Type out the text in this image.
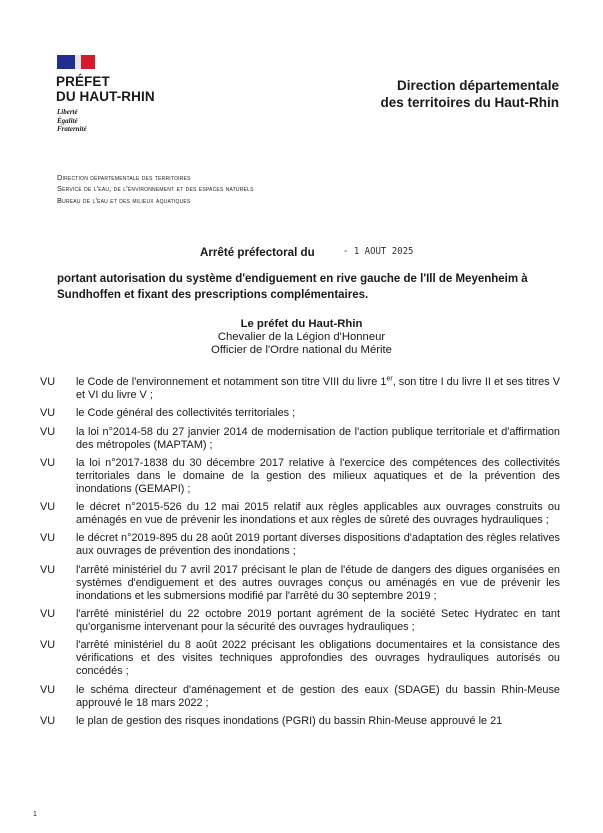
PRÉFET
DU HAUT-RHIN
Liberté
Égalité
Fraternité
Direction départementale
des territoires du Haut-Rhin
Direction départementale des territoires
Service de l'eau, de l'environnement et des espaces naturels
Bureau de l'eau et des milieux aquatiques
Arrêté préfectoral du	- 1 AOUT 2025
portant autorisation du système d'endiguement en rive gauche de l'Ill de Meyenheim à Sundhoffen et fixant des prescriptions complémentaires.
Le préfet du Haut-Rhin
Chevalier de la Légion d'Honneur
Officier de l'Ordre national du Mérite
VU	le Code de l'environnement et notamment son titre VIII du livre 1er, son titre I du livre II et ses titres V et VI du livre V ;
VU	le Code général des collectivités territoriales ;
VU	la loi n°2014-58 du 27 janvier 2014 de modernisation de l'action publique territoriale et d'affirmation des métropoles (MAPTAM) ;
VU	la loi n°2017-1838 du 30 décembre 2017 relative à l'exercice des compétences des collectivités territoriales dans le domaine de la gestion des milieux aquatiques et de la prévention des inondations (GEMAPI) ;
VU	le décret n°2015-526 du 12 mai 2015 relatif aux règles applicables aux ouvrages construits ou aménagés en vue de prévenir les inondations et aux règles de sûreté des ouvrages hydrauliques ;
VU	le décret n°2019-895 du 28 août 2019 portant diverses dispositions d'adaptation des règles relatives aux ouvrages de prévention des inondations ;
VU	l'arrêté ministériel du 7 avril 2017 précisant le plan de l'étude de dangers des digues organisées en systèmes d'endiguement et des autres ouvrages conçus ou aménagés en vue de prévenir les inondations et les submersions modifié par l'arrêté du 30 septembre 2019 ;
VU	l'arrêté ministériel du 22 octobre 2019 portant agrément de la société Setec Hydratec en tant qu'organisme intervenant pour la sécurité des ouvrages hydrauliques ;
VU	l'arrêté ministériel du 8 août 2022 précisant les obligations documentaires et la consistance des vérifications et des visites techniques approfondies des ouvrages hydrauliques autorisés ou concédés ;
VU	le schéma directeur d'aménagement et de gestion des eaux (SDAGE) du bassin Rhin-Meuse approuvé le 18 mars 2022 ;
VU	le plan de gestion des risques inondations (PGRI) du bassin Rhin-Meuse approuvé le 21
1
